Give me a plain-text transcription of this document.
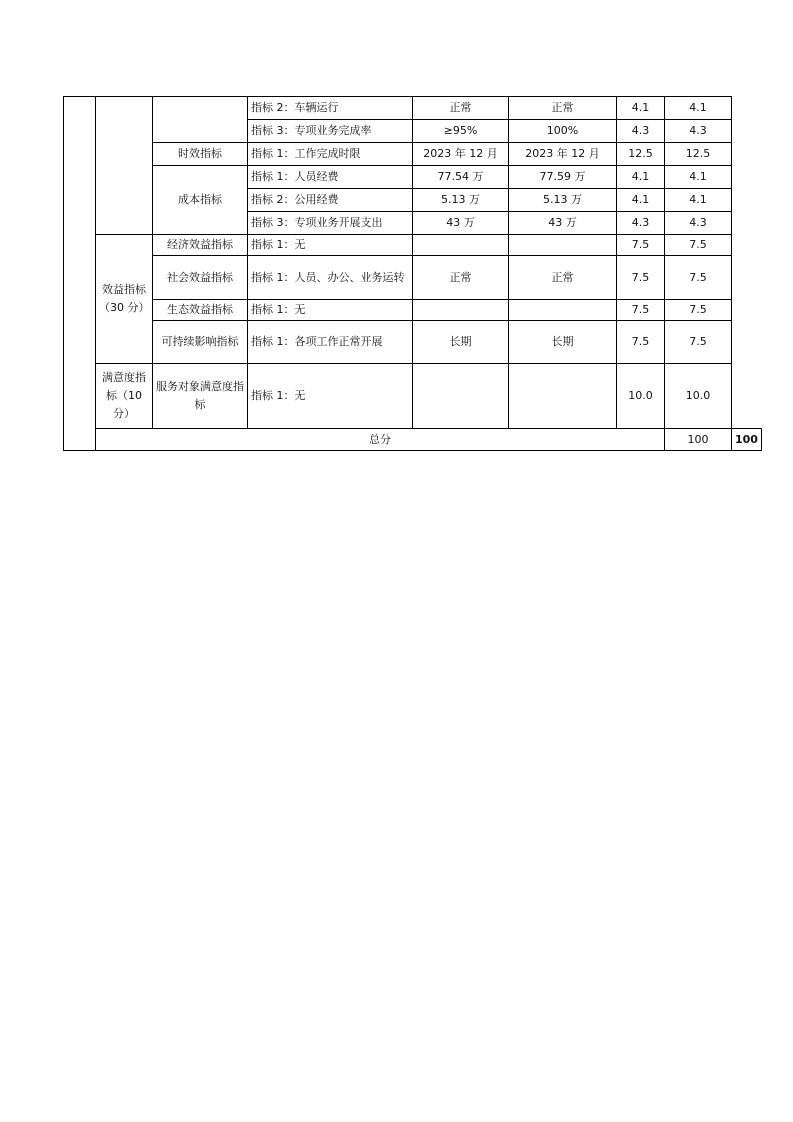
			指标 2：车辆运行	正常	正常	4.1	4.1	
			指标 3：专项业务完成率	≥95%	100%	4.3	4.3	
		时效指标	指标 1：工作完成时限	2023 年 12 月	2023 年 12 月	12.5	12.5	
		成本指标	指标 1：人员经费	77.54 万	77.59 万	4.1	4.1	
			指标 2：公用经费	5.13 万	5.13 万	4.1	4.1	
			指标 3：专项业务开展支出	43 万	43 万	4.3	4.3	
	效益指标（30 分）	经济效益指标	指标 1：无			7.5	7.5	
		社会效益指标	指标 1：人员、办公、业务运转	正常	正常	7.5	7.5	
		生态效益指标	指标 1：无			7.5	7.5	
		可持续影响指标	指标 1：各项工作正常开展	长期	长期	7.5	7.5	
	满意度指标（10 分）	服务对象满意度指标	指标 1：无			10.0	10.0	
	总分						100	100
